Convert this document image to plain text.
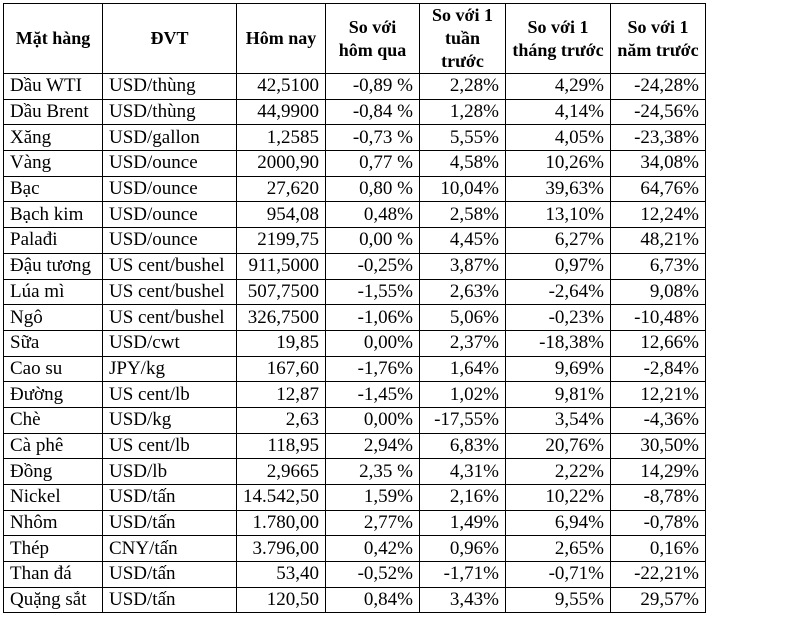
Mặt hàng	ĐVT	Hôm nay	So với hôm qua	So với 1 tuần trước	So với 1 tháng trước	So với 1 năm trước
Dầu WTI	USD/thùng	42,5100	-0,89 %	2,28%	4,29%	-24,28%
Dầu Brent	USD/thùng	44,9900	-0,84 %	1,28%	4,14%	-24,56%
Xăng	USD/gallon	1,2585	-0,73 %	5,55%	4,05%	-23,38%
Vàng	USD/ounce	2000,90	0,77 %	4,58%	10,26%	34,08%
Bạc	USD/ounce	27,620	0,80 %	10,04%	39,63%	64,76%
Bạch kim	USD/ounce	954,08	0,48%	2,58%	13,10%	12,24%
Palađi	USD/ounce	2199,75	0,00 %	4,45%	6,27%	48,21%
Đậu tương	US cent/bushel	911,5000	-0,25%	3,87%	0,97%	6,73%
Lúa mì	US cent/bushel	507,7500	-1,55%	2,63%	-2,64%	9,08%
Ngô	US cent/bushel	326,7500	-1,06%	5,06%	-0,23%	-10,48%
Sữa	USD/cwt	19,85	0,00%	2,37%	-18,38%	12,66%
Cao su	JPY/kg	167,60	-1,76%	1,64%	9,69%	-2,84%
Đường	US cent/lb	12,87	-1,45%	1,02%	9,81%	12,21%
Chè	USD/kg	2,63	0,00%	-17,55%	3,54%	-4,36%
Cà phê	US cent/lb	118,95	2,94%	6,83%	20,76%	30,50%
Đồng	USD/lb	2,9665	2,35 %	4,31%	2,22%	14,29%
Nickel	USD/tấn	14.542,50	1,59%	2,16%	10,22%	-8,78%
Nhôm	USD/tấn	1.780,00	2,77%	1,49%	6,94%	-0,78%
Thép	CNY/tấn	3.796,00	0,42%	0,96%	2,65%	0,16%
Than đá	USD/tấn	53,40	-0,52%	-1,71%	-0,71%	-22,21%
Quặng sắt	USD/tấn	120,50	0,84%	3,43%	9,55%	29,57%
